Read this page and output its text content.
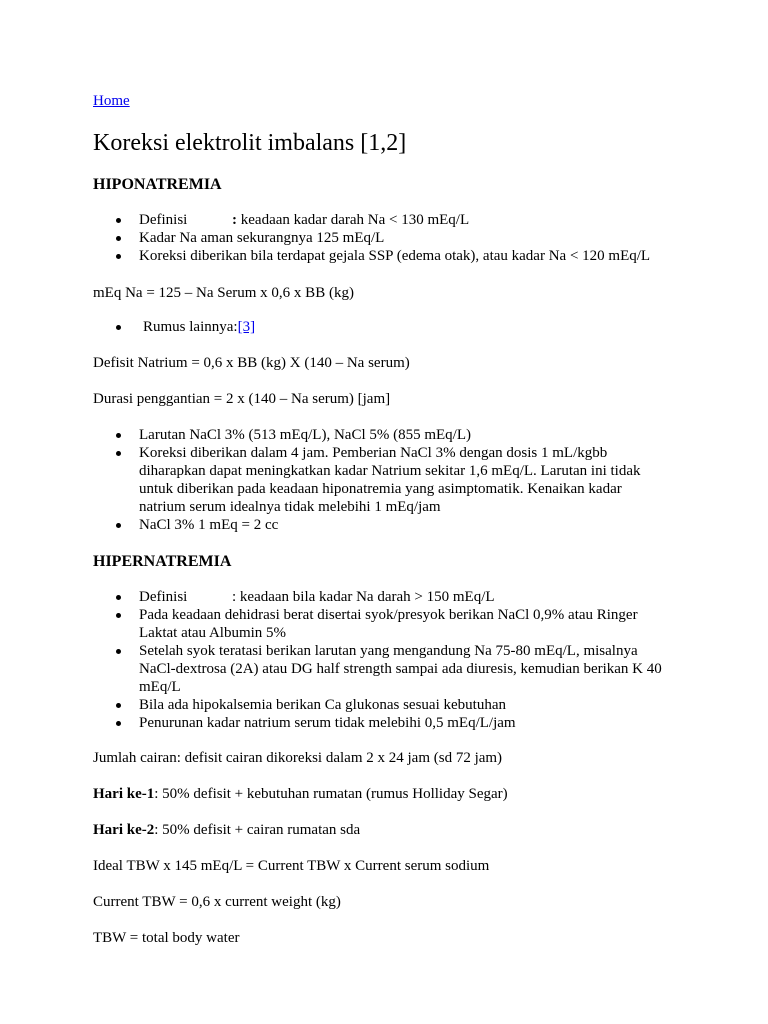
Home
Koreksi elektrolit imbalans [1,2]
HIPONATREMIA
Definisi	: keadaan kadar darah Na < 130 mEq/L
Kadar Na aman sekurangnya 125 mEq/L
Koreksi diberikan bila terdapat gejala SSP (edema otak), atau kadar Na < 120 mEq/L

mEq Na = 125 – Na Serum x 0,6 x BB (kg)

Rumus lainnya:[3]

Defisit Natrium = 0,6 x BB (kg) X (140 – Na serum)

Durasi penggantian = 2 x (140 – Na serum) [jam]

Larutan NaCl 3% (513 mEq/L), NaCl 5% (855 mEq/L)
Koreksi diberikan dalam 4 jam. Pemberian NaCl 3% dengan dosis 1 mL/kgbb diharapkan dapat meningkatkan kadar Natrium sekitar 1,6 mEq/L. Larutan ini tidak untuk diberikan pada keadaan hiponatremia yang asimptomatik. Kenaikan kadar natrium serum idealnya tidak melebihi 1 mEq/jam
NaCl 3% 1 mEq = 2 cc
HIPERNATREMIA
Definisi	: keadaan bila kadar Na darah > 150 mEq/L
Pada keadaan dehidrasi berat disertai syok/presyok berikan NaCl 0,9% atau Ringer Laktat atau Albumin 5%
Setelah syok teratasi berikan larutan yang mengandung Na 75-80 mEq/L, misalnya NaCl-dextrosa (2A) atau DG half strength sampai ada diuresis, kemudian berikan K 40 mEq/L
Bila ada hipokalsemia berikan Ca glukonas sesuai kebutuhan
Penurunan kadar natrium serum tidak melebihi 0,5 mEq/L/jam

Jumlah cairan: defisit cairan dikoreksi dalam 2 x 24 jam (sd 72 jam)

Hari ke-1: 50% defisit + kebutuhan rumatan (rumus Holliday Segar)

Hari ke-2: 50% defisit + cairan rumatan sda

Ideal TBW x 145 mEq/L = Current TBW x Current serum sodium

Current TBW = 0,6 x current weight (kg)

TBW = total body water
